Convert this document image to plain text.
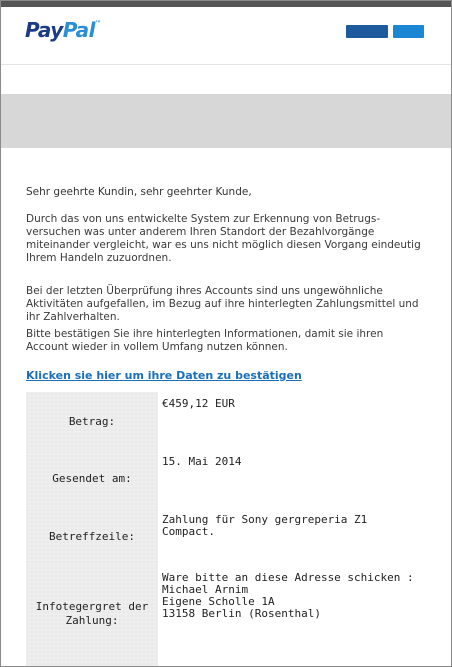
PayPal™
Sehr geehrte Kundin, sehr geehrter Kunde,
Durch das von uns entwickelte System zur Erkennung von Betrugs-versuchen was unter anderem Ihren Standort der Bezahlvorgänge miteinander vergleicht, war es uns nicht möglich diesen Vorgang eindeutig Ihrem Handeln zuzuordnen.
Bei der letzten Überprüfung ihres Accounts sind uns ungewöhnliche Aktivitäten aufgefallen, im Bezug auf ihre hinterlegten Zahlungsmittel und ihr Zahlverhalten.
Bitte bestätigen Sie ihre hinterlegten Informationen, damit sie ihren Account wieder in vollem Umfang nutzen können.
Klicken sie hier um ihre Daten zu bestätigen
Betrag:
€459,12 EUR
Gesendet am:
15. Mai 2014
Betreffzeile:
Zahlung für Sony gergreperia Z1 Compact.
Infotegergret der
Zahlung:
Ware bitte an diese Adresse schicken :
Michael Arnim
Eigene Scholle 1A
13158 Berlin (Rosenthal)
